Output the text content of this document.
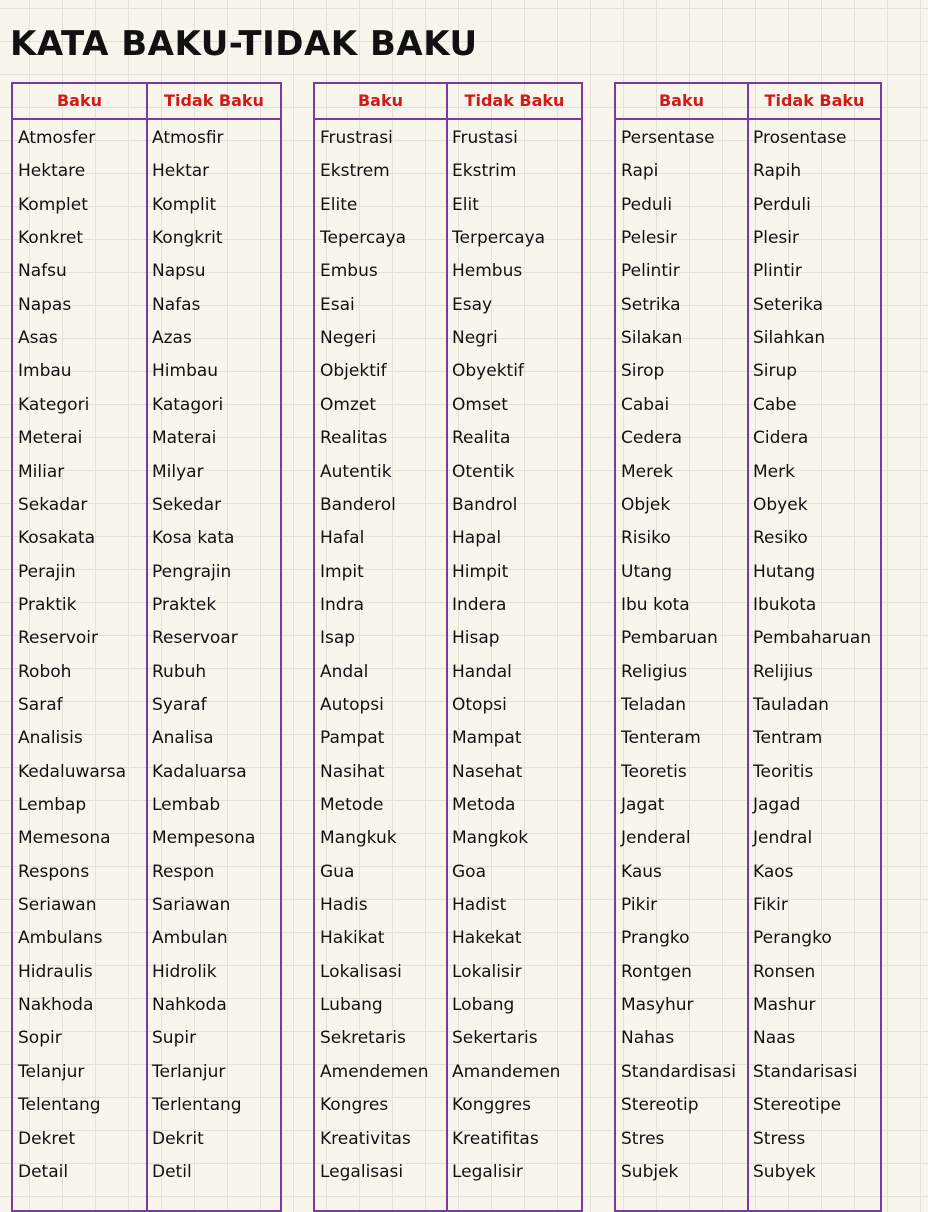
KATA BAKU-TIDAK BAKU
Baku	Tidak Baku
Atmosfer	Atmosfir
Hektare	Hektar
Komplet	Komplit
Konkret	Kongkrit
Nafsu	Napsu
Napas	Nafas
Asas	Azas
Imbau	Himbau
Kategori	Katagori
Meterai	Materai
Miliar	Milyar
Sekadar	Sekedar
Kosakata	Kosa kata
Perajin	Pengrajin
Praktik	Praktek
Reservoir	Reservoar
Roboh	Rubuh
Saraf	Syaraf
Analisis	Analisa
Kedaluwarsa Kadaluarsa
Lembap	Lembab
Memesona Mempesona
Respons	Respon
Seriawan	Sariawan
Ambulans	Ambulan
Hidraulis	Hidrolik
Nakhoda	Nahkoda
Sopir	Supir
Telanjur	Terlanjur
Telentang	Terlentang
Dekret	Dekrit
Detail	Detil
Baku	Tidak Baku
Frustrasi	Frustasi
Ekstrem	Ekstrim
Elite	Elit
Tepercaya	Terpercaya
Embus	Hembus
Esai	Esay
Negeri	Negri
Objektif	Obyektif
Omzet	Omset
Realitas	Realita
Autentik	Otentik
Banderol	Bandrol
Hafal	Hapal
Impit	Himpit
Indra	Indera
Isap	Hisap
Andal	Handal
Autopsi	Otopsi
Pampat	Mampat
Nasihat	Nasehat
Metode	Metoda
Mangkuk	Mangkok
Gua	Goa
Hadis	Hadist
Hakikat	Hakekat
Lokalisasi	Lokalisir
Lubang	Lobang
Sekretaris	Sekertaris
Amendemen Amandemen
Kongres	Konggres
Kreativitas Kreatifitas
Legalisasi	Legalisir
Baku	Tidak Baku
Persentase Prosentase
Rapi	Rapih
Peduli	Perduli
Pelesir	Plesir
Pelintir	Plintir
Setrika	Seterika
Silakan	Silahkan
Sirop	Sirup
Cabai	Cabe
Cedera	Cidera
Merek	Merk
Objek	Obyek
Risiko	Resiko
Utang	Hutang
Ibu kota	Ibukota
Pembaruan Pembaharuan
Religius	Relijius
Teladan	Tauladan
Tenteram	Tentram
Teoretis	Teoritis
Jagat	Jagad
Jenderal	Jendral
Kaus	Kaos
Pikir	Fikir
Prangko	Perangko
Rontgen	Ronsen
Masyhur	Mashur
Nahas	Naas
Standardisasi Standarisasi
Stereotip	Stereotipe
Stres	Stress
Subjek	Subyek
